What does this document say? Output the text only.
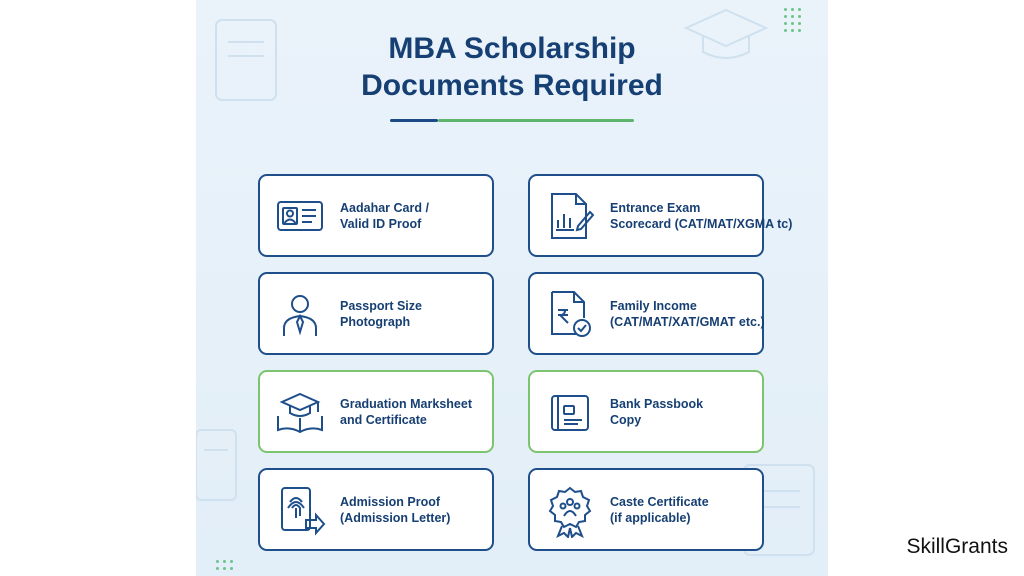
MBA Scholarship
Documents Required
Aadahar Card /
Valid ID Proof
Entrance Exam
Scorecard (CAT/MAT/XGMA tc)
Passport Size
Photograph
Family Income
(CAT/MAT/XAT/GMAT etc.)
Graduation Marksheet
and Certificate
Bank Passbook
Copy
Admission Proof
(Admission Letter)
Caste Certificate
(if applicable)
SkillGrants
